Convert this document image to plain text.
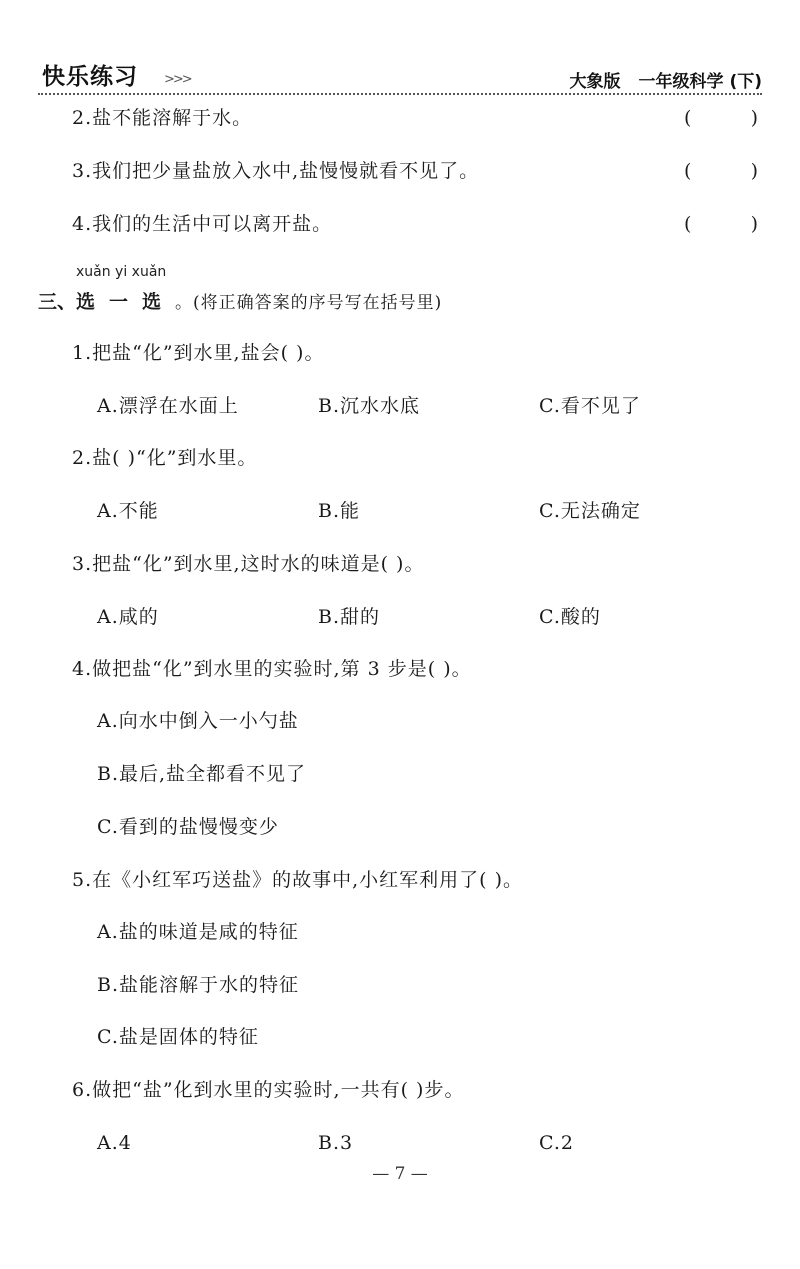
快乐练习 >>>	大象版 一年级科学 (下)
2.盐不能溶解于水。	(	)
3.我们把少量盐放入水中,盐慢慢就看不见了。	(	)
4.我们的生活中可以离开盐。	(	)
xuǎn yi xuǎn
三、选一选。(将正确答案的序号写在括号里)
1.把盐“化”到水里,盐会( )。
A.漂浮在水面上	B.沉水水底	C.看不见了
2.盐( )“化”到水里。
A.不能	B.能	C.无法确定
3.把盐“化”到水里,这时水的味道是( )。
A.咸的	B.甜的	C.酸的
4.做把盐“化”到水里的实验时,第 3 步是( )。
A.向水中倒入一小勺盐
B.最后,盐全都看不见了
C.看到的盐慢慢变少
5.在《小红军巧送盐》的故事中,小红军利用了( )。
A.盐的味道是咸的特征
B.盐能溶解于水的特征
C.盐是固体的特征
6.做把“盐”化到水里的实验时,一共有( )步。
A.4	B.3	C.2
— 7 —
